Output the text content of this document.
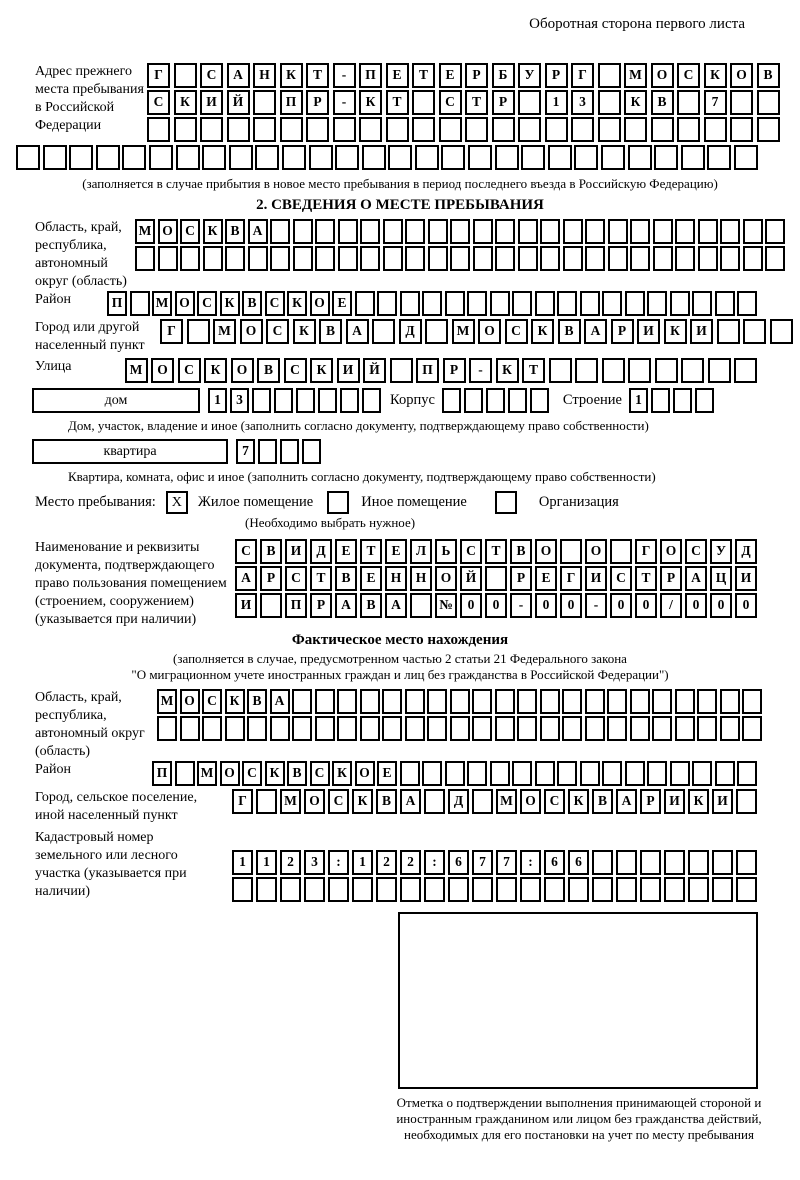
Оборотная сторона первого листа
Адрес прежнего места пребывания в Российской Федерации
Г	С	А	Н	К	Т	-	П	Е	Т	Е	Р	Б	У	Р	Г	М	О	С	К	О	В
С	К	И	Й	П	Р	-	К	Т	С	Т	Р	1	3	К	В	7
(заполняется в случае прибытия в новое место пребывания в период последнего въезда в Российскую Федерацию)
2. СВЕДЕНИЯ О МЕСТЕ ПРЕБЫВАНИЯ
Область, край, республика, автономный округ (область)
М О С К В А
Район	П	М О С К В С К О Е
Город или другой населенный пункт
Г	М	О	С	К	В	А	Д	М	О	С	К	В	А	Р	И	К	И
Улица	М	О	С	К	О	В	С	К	И	Й	П	Р	-	К	Т
дом	1	3	Корпус	Строение 1
Дом, участок, владение и иное (заполнить согласно документу, подтверждающему право собственности)
квартира	7
Квартира, комната, офис и иное (заполнить согласно документу, подтверждающему право собственности)
Место пребывания:	X	Жилое помещение	Иное помещение	Организация
(Необходимо выбрать нужное)
Наименование и реквизиты документа, подтверждающего право пользования помещением (строением, сооружением) (указывается при наличии)
С	В	И	Д	Е	Т	Е	Л	Ь	С	Т	В	О	О	Г	О	С	У	Д
А	Р	С	Т	В	Е	Н	Н	О	Й	Р	Е	Г	И	С	Т	Р	А	Ц	И
И	П	Р	А	В	А	№	0	0	-	0	0	-	0	0	/	0	0	0
Фактическое место нахождения
(заполняется в случае, предусмотренном частью 2 статьи 21 Федерального закона
"О миграционном учете иностранных граждан и лиц без гражданства в Российской Федерации")
Область, край, республика, автономный округ (область)
М О С К В А
Район	П	М О С К В С К О Е
Город, сельское поселение, иной населенный пункт
Г	М О	С	К	В	А	Д	М О	С	К	В	А	Р	И	К	И
Кадастровый номер земельного или лесного участка (указывается при наличии)
1	1	2	3	:	1	2	2	:	6	7	7	:	6	6
Отметка о подтверждении выполнения принимающей стороной и иностранным гражданином или лицом без гражданства действий, необходимых для его постановки на учет по месту пребывания
